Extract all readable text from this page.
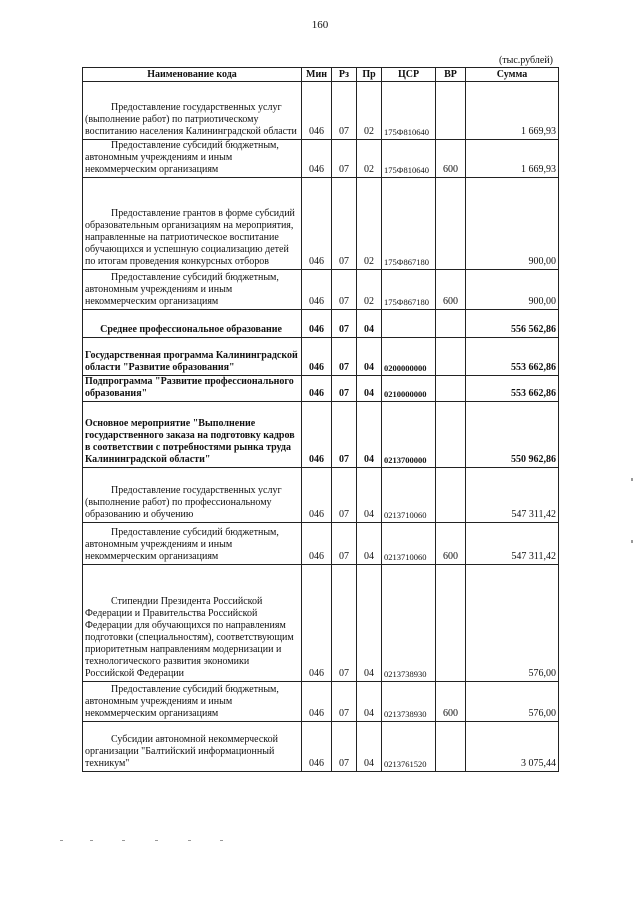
160
(тыс.рублей)
Наименование кода	Мин	Рз	Пр	ЦСР	ВР	Сумма
Предоставление государственных услуг (выполнение работ) по патриотическому воспитанию населения Калининградской области	046	07	02	175Ф810640		1 669,93
Предоставление субсидий бюджетным, автономным учреждениям и иным некоммерческим организациям	046	07	02	175Ф810640	600	1 669,93
Предоставление грантов в форме субсидий образовательным организациям на мероприятия, направленные на патриотическое воспитание обучающихся и успешную социализацию детей по итогам проведения конкурсных отборов	046	07	02	175Ф867180		900,00
Предоставление субсидий бюджетным, автономным учреждениям и иным некоммерческим организациям	046	07	02	175Ф867180	600	900,00
Среднее профессиональное образование	046	07	04			556 562,86
Государственная программа Калининградской области "Развитие образования"	046	07	04	0200000000		553 662,86
Подпрограмма "Развитие профессионального образования"	046	07	04	0210000000		553 662,86
Основное мероприятие "Выполнение государственного заказа на подготовку кадров в соответствии с потребностями рынка труда Калининградской области"	046	07	04	0213700000		550 962,86
Предоставление государственных услуг (выполнение работ) по профессиональному образованию и обучению	046	07	04	0213710060		547 311,42
Предоставление субсидий бюджетным, автономным учреждениям и иным некоммерческим организациям	046	07	04	0213710060	600	547 311,42
Стипендии Президента Российской Федерации и Правительства Российской Федерации для обучающихся по направлениям подготовки (специальностям), соответствующим приоритетным направлениям модернизации и технологического развития экономики Российской Федерации	046	07	04	0213738930		576,00
Предоставление субсидий бюджетным, автономным учреждениям и иным некоммерческим организациям	046	07	04	0213738930	600	576,00
Субсидии автономной некоммерческой организации "Балтийский информационный техникум"	046	07	04	0213761520		3 075,44
